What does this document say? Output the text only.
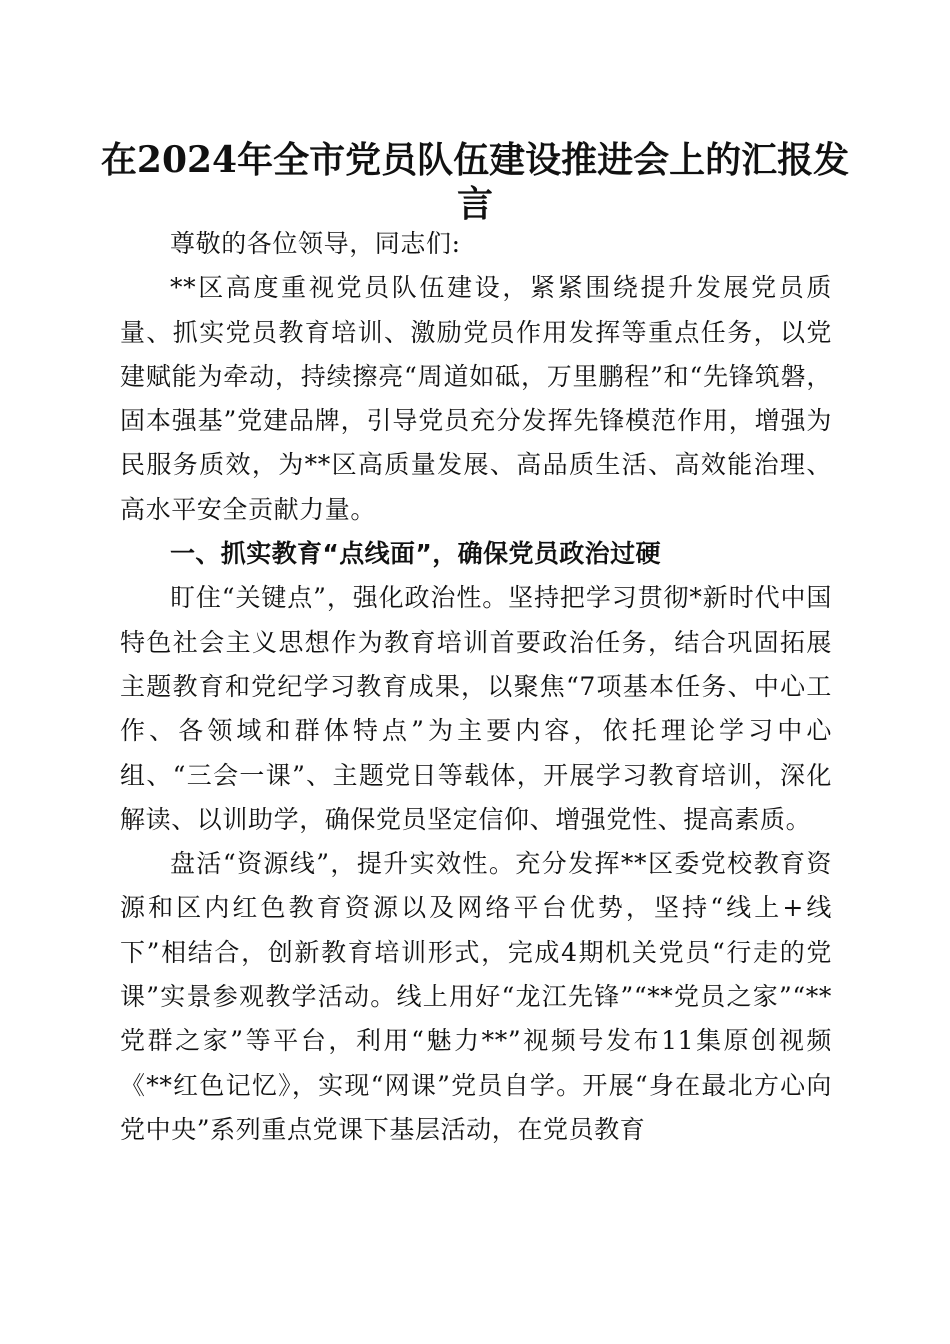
在2024年全市党员队伍建设推进会上的汇报发言

尊敬的各位领导，同志们:

**区高度重视党员队伍建设，紧紧围绕提升发展党员质量、抓实党员教育培训、激励党员作用发挥等重点任务，以党建赋能为牵动，持续擦亮“周道如砥，万里鹏程”和“先锋筑磐，固本强基”党建品牌，引导党员充分发挥先锋模范作用，增强为民服务质效，为**区高质量发展、高品质生活、高效能治理、高水平安全贡献力量。

一、抓实教育“点线面”，确保党员政治过硬

盯住“关键点”，强化政治性。坚持把学习贯彻*新时代中国特色社会主义思想作为教育培训首要政治任务，结合巩固拓展主题教育和党纪学习教育成果，以聚焦“7项基本任务、中心工作、各领域和群体特点”为主要内容，依托理论学习中心组、“三会一课”、主题党日等载体，开展学习教育培训，深化解读、以训助学，确保党员坚定信仰、增强党性、提高素质。

盘活“资源线”，提升实效性。充分发挥**区委党校教育资源和区内红色教育资源以及网络平台优势，坚持“线上+线下”相结合，创新教育培训形式，完成4期机关党员“行走的党课”实景参观教学活动。线上用好“龙江先锋”“**党员之家”“**党群之家”等平台，利用“魅力**”视频号发布11集原创视频《**红色记忆》，实现“网课”党员自学。开展“身在最北方心向党中央”系列重点党课下基层活动，在党员教育
